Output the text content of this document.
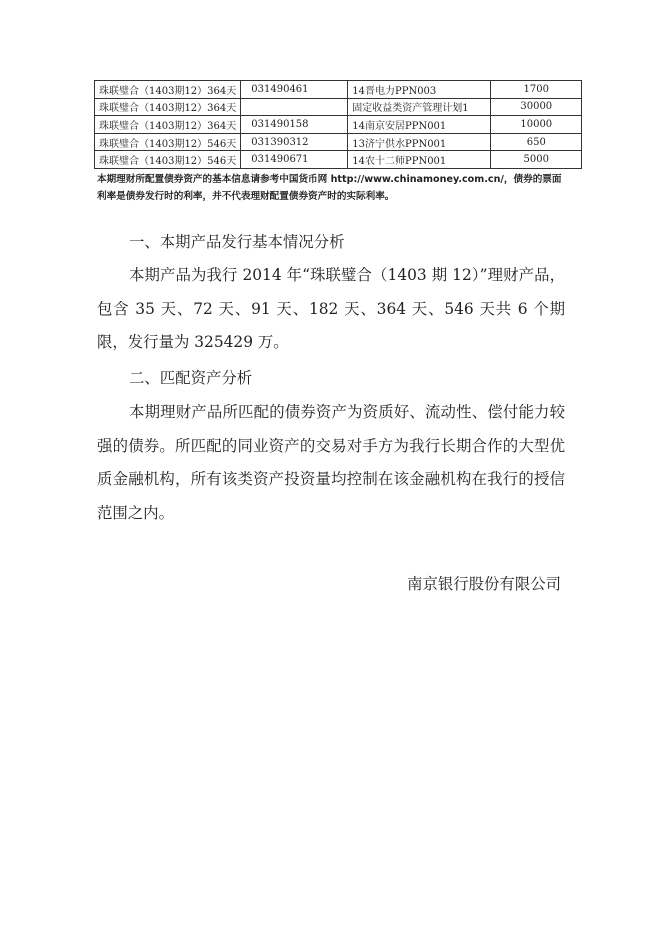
珠联璧合（1403期12）364天	031490461	14晋电力PPN003	1700
珠联璧合（1403期12）364天		固定收益类资产管理计划1	30000
珠联璧合（1403期12）364天	031490158	14南京安居PPN001	10000
珠联璧合（1403期12）546天	031390312	13济宁供水PPN001	650
珠联璧合（1403期12）546天	031490671	14农十二师PPN001	5000
本期理财所配置债券资产的基本信息请参考中国货币网 http://www.chinamoney.com.cn/，债券的票面利率是债券发行时的利率，并不代表理财配置债券资产时的实际利率。
一、本期产品发行基本情况分析
本期产品为我行 2014 年“珠联璧合（1403 期 12）”理财产品，包含 35 天、72 天、91 天、182 天、364 天、546 天共 6 个期限，发行量为 325429 万。
二、匹配资产分析
本期理财产品所匹配的债券资产为资质好、流动性、偿付能力较强的债券。所匹配的同业资产的交易对手方为我行长期合作的大型优质金融机构，所有该类资产投资量均控制在该金融机构在我行的授信范围之内。
南京银行股份有限公司
